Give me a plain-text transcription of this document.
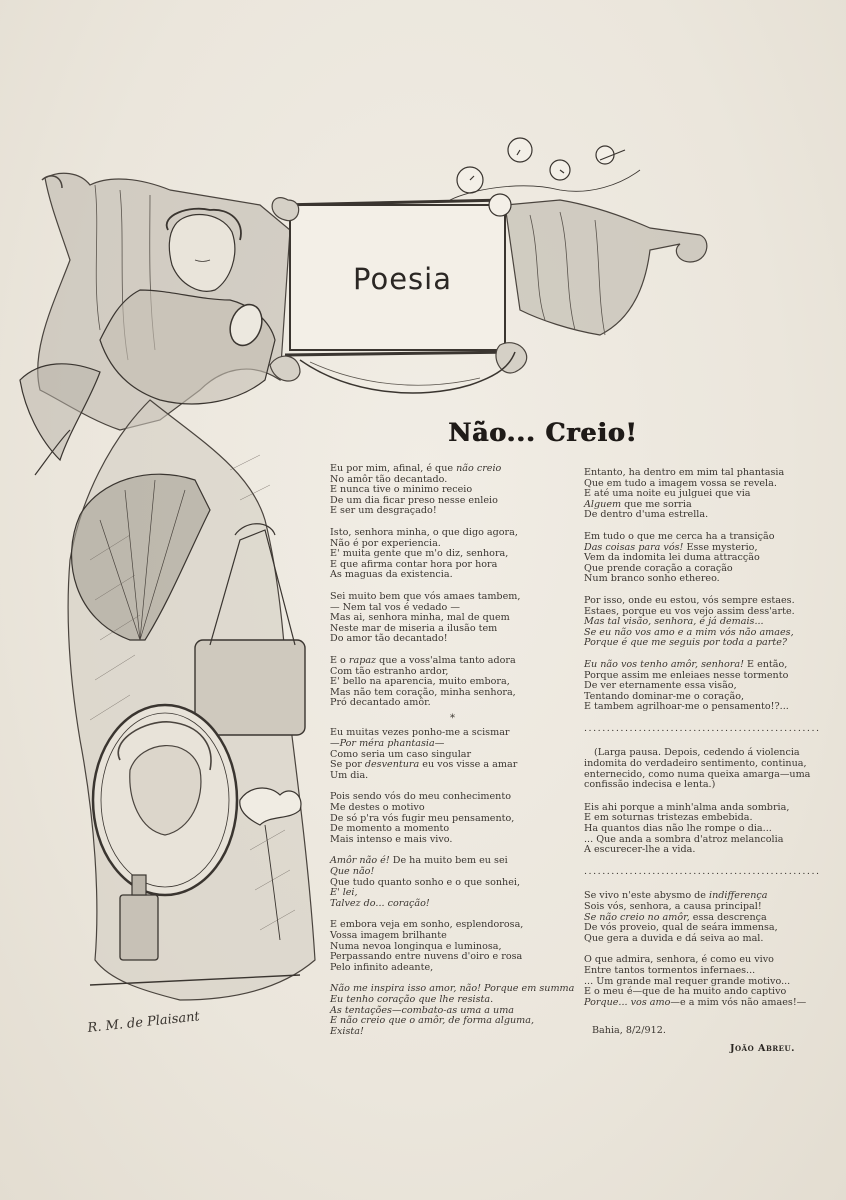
R. M. de Plaisant
Poesia
Não... Creio!
Eu por mim, afinal, é que não creio
No amôr tão decantado.
E nunca tive o minimo receio
De um dia ficar preso nesse enleio
E ser um desgraçado!
Isto, senhora minha, o que digo agora,
Não é por experiencia.
E' muita gente que m'o diz, senhora,
E que afirma contar hora por hora
As maguas da existencia.
Sei muito bem que vós amaes tambem,
— Nem tal vos é vedado —
Mas ai, senhora minha, mal de quem
Neste mar de miseria a ilusão tem
Do amor tão decantado!
E o rapaz que a voss'alma tanto adora
Com tão estranho ardor,
E' bello na aparencia, muito embora,
Mas não tem coração, minha senhora,
Pró decantado amôr.
*
Eu muitas vezes ponho-me a scismar
—Por méra phantasia—
Como seria um caso singular
Se por desventura eu vos visse a amar
Um dia.
Pois sendo vós do meu conhecimento
Me destes o motivo
De só p'ra vós fugir meu pensamento,
De momento a momento
Mais intenso e mais vivo.
Amôr não é! De ha muito bem eu sei
Que não!
Que tudo quanto sonho e o que sonhei,
E' lei,
Talvez do... coração!
E embora veja em sonho, esplendorosa,
Vossa imagem brilhante
Numa nevoa longinqua e luminosa,
Perpassando entre nuvens d'oiro e rosa
Pelo infinito adeante,
Não me inspira isso amor, não! Porque em summa
Eu tenho coração que lhe resista.
As tentações—combato-as uma a uma
E não creio que o amôr, de forma alguma,
Exista!
Entanto, ha dentro em mim tal phantasia
Que em tudo a imagem vossa se revela.
E até uma noite eu julguei que via
Alguem que me sorria
De dentro d'uma estrella.
Em tudo o que me cerca ha a transição
Das coisas para vós! Esse mysterio,
Vem da indomita lei duma attracção
Que prende coração a coração
Num branco sonho ethereo.
Por isso, onde eu estou, vós sempre estaes.
Estaes, porque eu vos vejo assim dess'arte.
Mas tal visão, senhora, é já demais...
Se eu não vos amo e a mim vós não amaes,
Porque é que me seguis por toda a parte?
Eu não vos tenho amôr, senhora! E então,
Porque assim me enleiaes nesse tormento
De ver eternamente essa visão,
Tentando dominar-me o coração,
E tambem agrilhoar-me o pensamento!?...
....................................................
(Larga pausa. Depois, cedendo á violencia indomita do verdadeiro sentimento, continua, enternecido, como numa queixa amarga—uma confissão indecisa e lenta.)
Eis ahi porque a minh'alma anda sombria,
E em soturnas tristezas embebida.
Ha quantos dias não lhe rompe o dia...
... Que anda a sombra d'atroz melancolia
A escurecer-lhe a vida.
....................................................
Se vivo n'este abysmo de indifferença
Sois vós, senhora, a causa principal!
Se não creio no amôr, essa descrença
De vós proveio, qual de seára immensa,
Que gera a duvida e dá seiva ao mal.
O que admira, senhora, é como eu vivo
Entre tantos tormentos infernaes...
... Um grande mal requer grande motivo...
E o meu é—que de ha muito ando captivo
Porque... vos amo—e a mim vós não amaes!—
Bahia, 8/2/912.
João Abreu.
